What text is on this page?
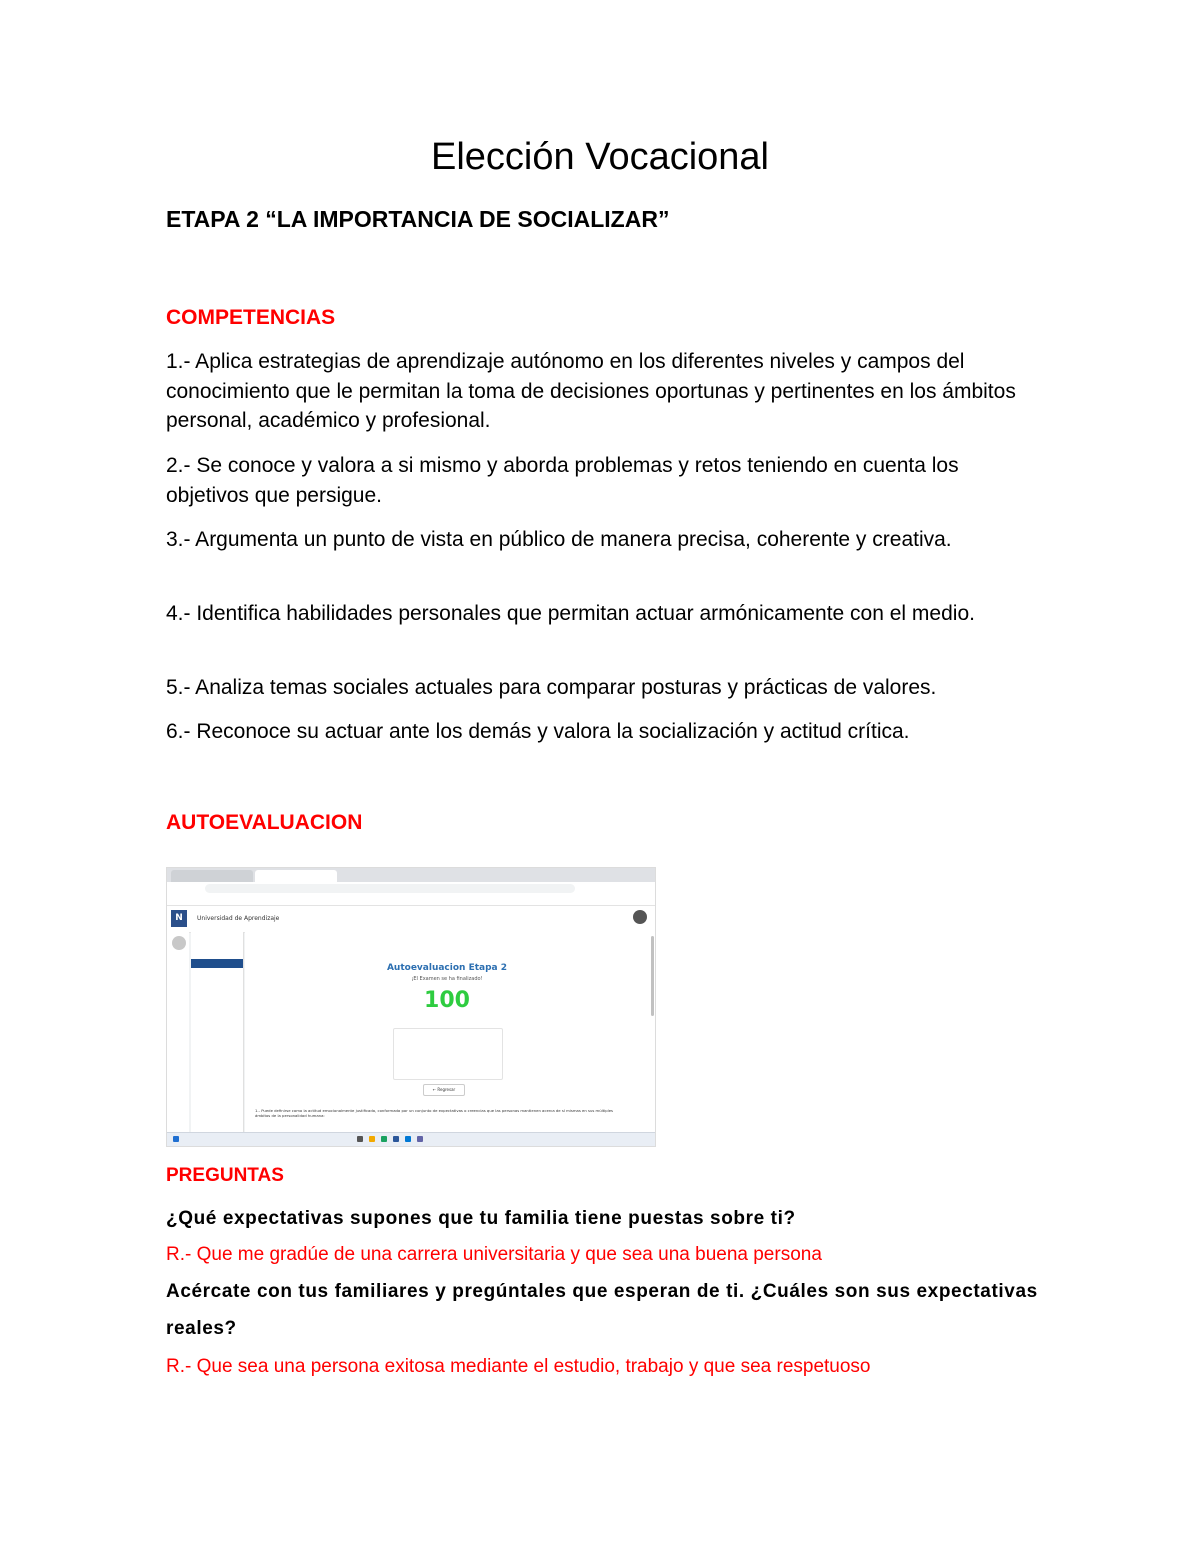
Elección Vocacional
ETAPA 2 “LA IMPORTANCIA DE SOCIALIZAR”
COMPETENCIAS
1.- Aplica estrategias de aprendizaje autónomo en los diferentes niveles y campos del conocimiento que le permitan la toma de decisiones oportunas y pertinentes en los ámbitos personal, académico y profesional.
2.- Se conoce y valora a si mismo y aborda problemas y retos teniendo en cuenta los objetivos que persigue.
3.- Argumenta un punto de vista en público de manera precisa, coherente y creativa.
4.- Identifica habilidades personales que permitan actuar armónicamente con el medio.
5.- Analiza temas sociales actuales para comparar posturas y prácticas de valores.
6.- Reconoce su actuar ante los demás y valora la socialización y actitud crítica.
AUTOEVALUACION
N	Universidad de Aprendizaje
Autoevaluacion Etapa 2
¡El Examen se ha finalizado!
100
← Regresar
1.- Puede definirse como la actitud emocionalmente justificada, conformada por un conjunto de expectativas o creencias que las personas mantienen acerca de sí mismas en sus múltiples ámbitos de la personalidad humana:
PREGUNTAS
¿Qué expectativas supones que tu familia tiene puestas sobre ti?
R.- Que me gradúe de una carrera universitaria y que sea una buena persona
Acércate con tus familiares y pregúntales que esperan de ti. ¿Cuáles son sus expectativas reales?
R.- Que sea una persona exitosa mediante el estudio, trabajo y que sea respetuoso
